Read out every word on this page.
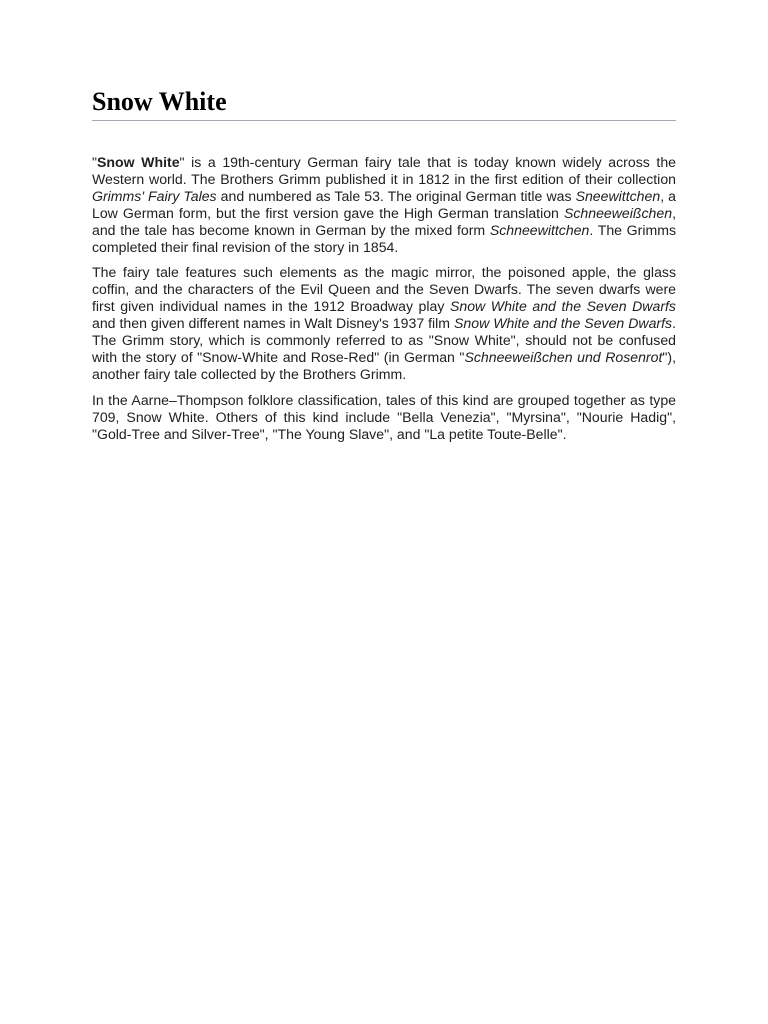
Snow White

"Snow White" is a 19th-century German fairy tale that is today known widely across the Western world. The Brothers Grimm published it in 1812 in the first edition of their collection Grimms' Fairy Tales and numbered as Tale 53. The original German title was Sneewittchen, a Low German form, but the first version gave the High German translation Schneeweißchen, and the tale has become known in German by the mixed form Schneewittchen. The Grimms completed their final revision of the story in 1854.

The fairy tale features such elements as the magic mirror, the poisoned apple, the glass coffin, and the characters of the Evil Queen and the Seven Dwarfs. The seven dwarfs were first given individual names in the 1912 Broadway play Snow White and the Seven Dwarfs and then given different names in Walt Disney's 1937 film Snow White and the Seven Dwarfs. The Grimm story, which is commonly referred to as "Snow White", should not be confused with the story of "Snow-White and Rose-Red" (in German "Schneeweißchen und Rosenrot"), another fairy tale collected by the Brothers Grimm.

In the Aarne–Thompson folklore classification, tales of this kind are grouped together as type 709, Snow White. Others of this kind include "Bella Venezia", "Myrsina", "Nourie Hadig", "Gold-Tree and Silver-Tree", "The Young Slave", and "La petite Toute-Belle".
